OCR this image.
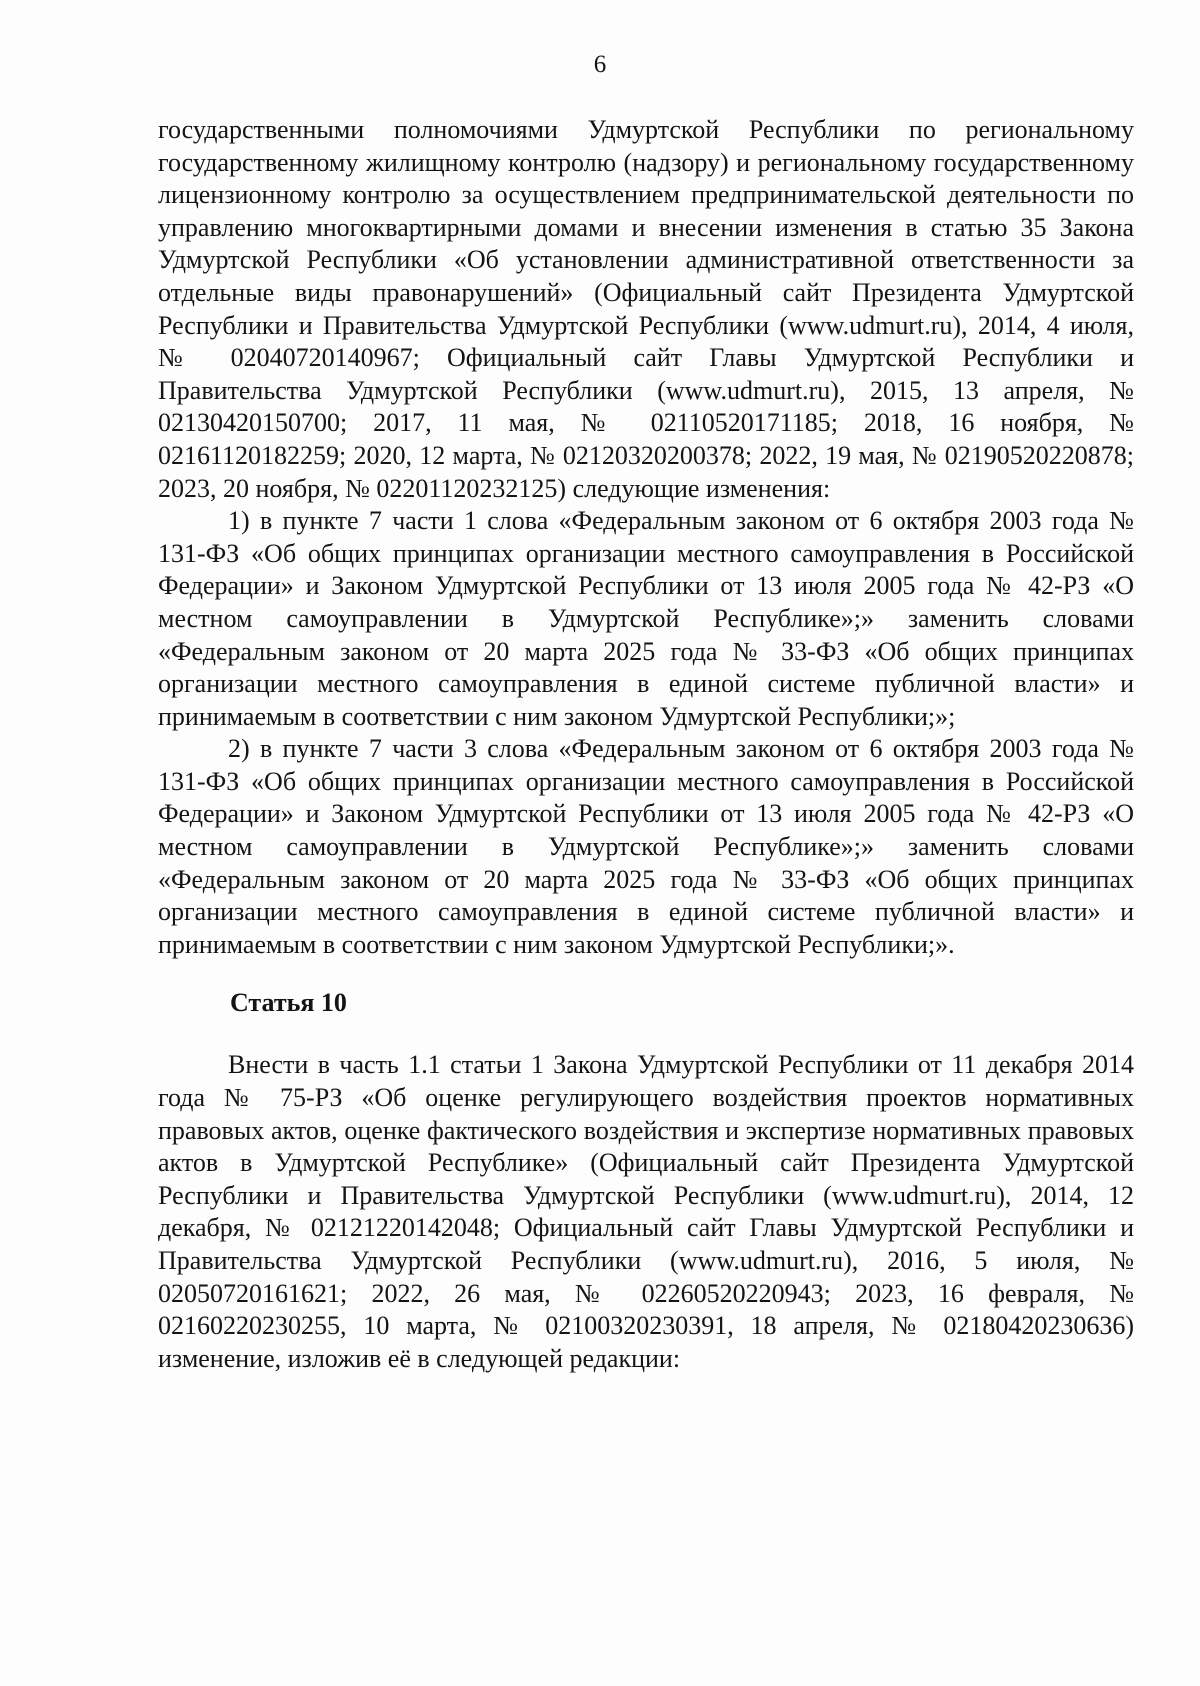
6

государственными полномочиями Удмуртской Республики по региональному государственному жилищному контролю (надзору) и региональному государственному лицензионному контролю за осуществлением предпринимательской деятельности по управлению многоквартирными домами и внесении изменения в статью 35 Закона Удмуртской Республики «Об установлении административной ответственности за отдельные виды правонарушений» (Официальный сайт Президента Удмуртской Республики и Правительства Удмуртской Республики (www.udmurt.ru), 2014, 4 июля, № 02040720140967; Официальный сайт Главы Удмуртской Республики и Правительства Удмуртской Республики (www.udmurt.ru), 2015, 13 апреля, № 02130420150700; 2017, 11 мая, № 02110520171185; 2018, 16 ноября, № 02161120182259; 2020, 12 марта, № 02120320200378; 2022, 19 мая, № 02190520220878; 2023, 20 ноября, № 02201120232125) следующие изменения:

1) в пункте 7 части 1 слова «Федеральным законом от 6 октября 2003 года № 131-ФЗ «Об общих принципах организации местного самоуправления в Российской Федерации» и Законом Удмуртской Республики от 13 июля 2005 года № 42-РЗ «О местном самоуправлении в Удмуртской Республике»;» заменить словами «Федеральным законом от 20 марта 2025 года № 33-ФЗ «Об общих принципах организации местного самоуправления в единой системе публичной власти» и принимаемым в соответствии с ним законом Удмуртской Республики;»;

2) в пункте 7 части 3 слова «Федеральным законом от 6 октября 2003 года № 131-ФЗ «Об общих принципах организации местного самоуправления в Российской Федерации» и Законом Удмуртской Республики от 13 июля 2005 года № 42-РЗ «О местном самоуправлении в Удмуртской Республике»;» заменить словами «Федеральным законом от 20 марта 2025 года № 33-ФЗ «Об общих принципах организации местного самоуправления в единой системе публичной власти» и принимаемым в соответствии с ним законом Удмуртской Республики;».

Статья 10

Внести в часть 1.1 статьи 1 Закона Удмуртской Республики от 11 декабря 2014 года № 75-РЗ «Об оценке регулирующего воздействия проектов нормативных правовых актов, оценке фактического воздействия и экспертизе нормативных правовых актов в Удмуртской Республике» (Официальный сайт Президента Удмуртской Республики и Правительства Удмуртской Республики (www.udmurt.ru), 2014, 12 декабря, № 02121220142048; Официальный сайт Главы Удмуртской Республики и Правительства Удмуртской Республики (www.udmurt.ru), 2016, 5 июля, № 02050720161621; 2022, 26 мая, № 02260520220943; 2023, 16 февраля, № 02160220230255, 10 марта, № 02100320230391, 18 апреля, № 02180420230636) изменение, изложив её в следующей редакции:
